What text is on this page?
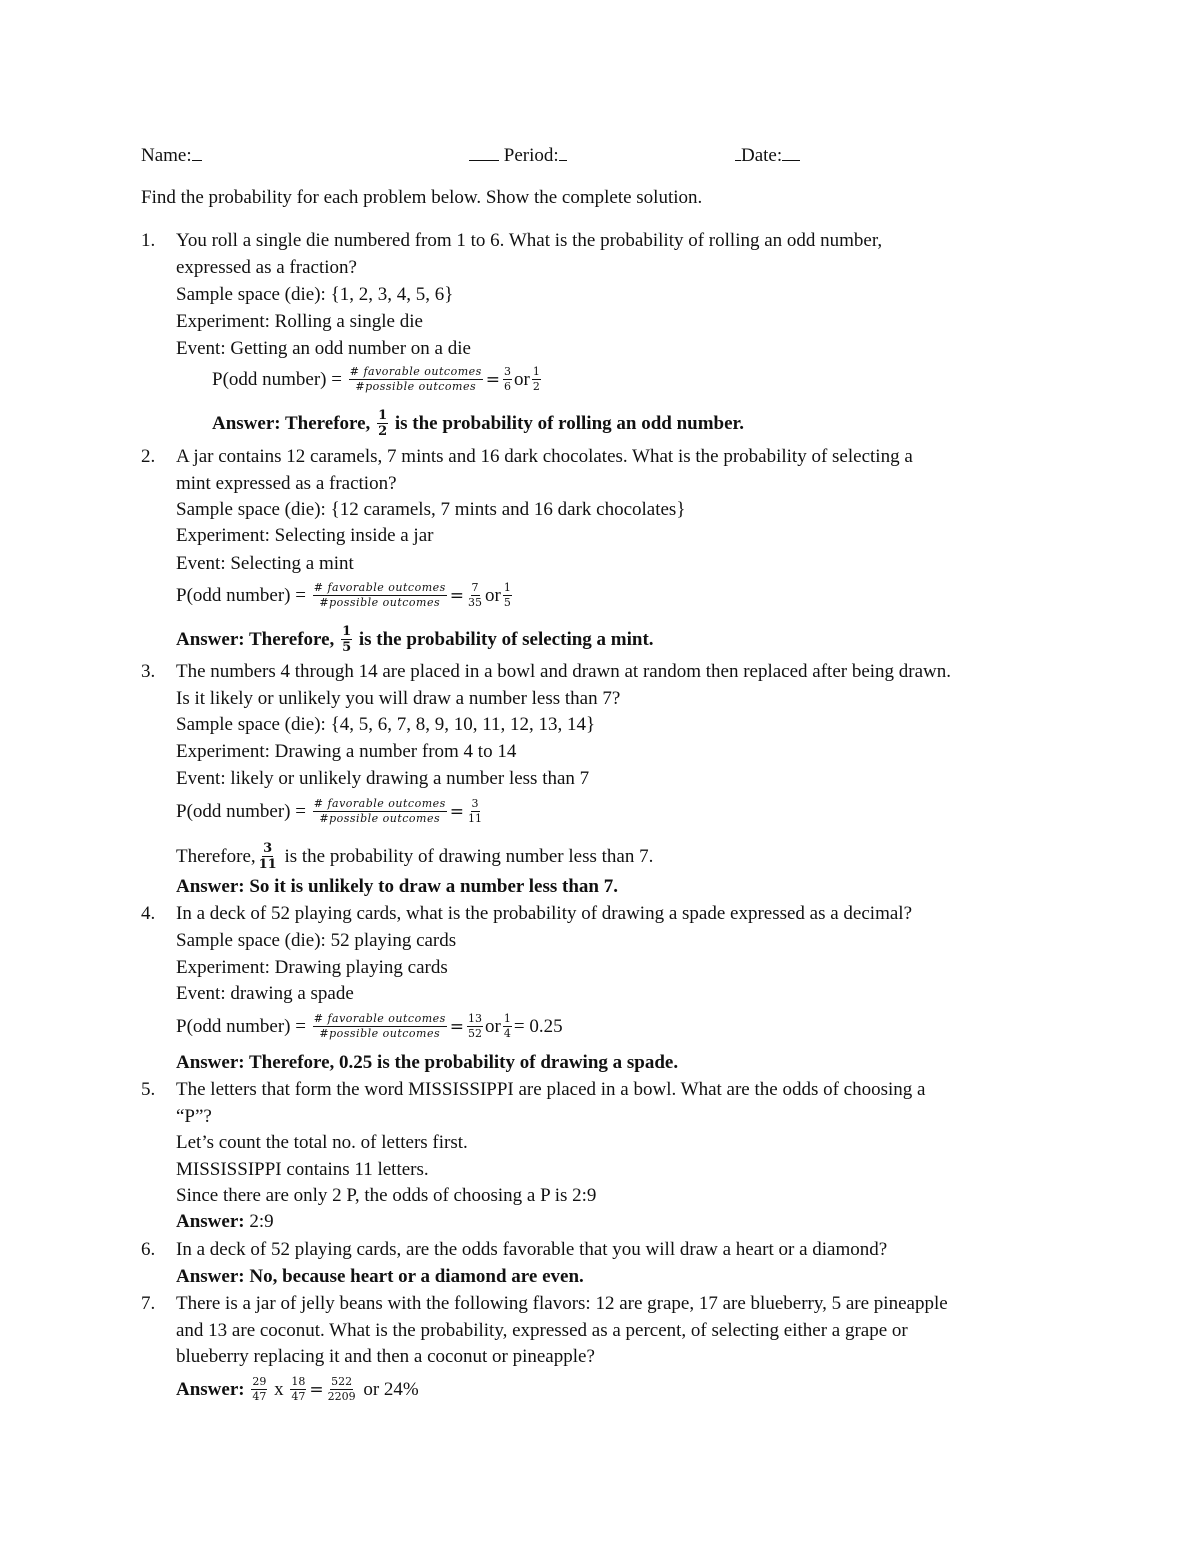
Name:	Period:	Date:
Find the probability for each problem below. Show the complete solution.
1. You roll a single die numbered from 1 to 6. What is the probability of rolling an odd number,
expressed as a fraction?
Sample space (die): {1, 2, 3, 4, 5, 6}
Experiment: Rolling a single die
Event: Getting an odd number on a die
P(odd number) = $\frac{\text{\# favorable outcomes}}{\text{\#possible outcomes}} = \frac{3}{6}$ or $\frac{1}{2}$
Answer: Therefore, $\frac{1}{2}$ is the probability of rolling an odd number.
2. A jar contains 12 caramels, 7 mints and 16 dark chocolates. What is the probability of selecting a
mint expressed as a fraction?
Sample space (die): {12 caramels, 7 mints and 16 dark chocolates}
Experiment: Selecting inside a jar
Event: Selecting a mint
P(odd number) = $\frac{\text{\# favorable outcomes}}{\text{\#possible outcomes}} = \frac{7}{35}$ or $\frac{1}{5}$
Answer: Therefore, $\frac{1}{5}$ is the probability of selecting a mint.
3. The numbers 4 through 14 are placed in a bowl and drawn at random then replaced after being drawn.
Is it likely or unlikely you will draw a number less than 7?
Sample space (die): {4, 5, 6, 7, 8, 9, 10, 11, 12, 13, 14}
Experiment: Drawing a number from 4 to 14
Event: likely or unlikely drawing a number less than 7
P(odd number) = $\frac{\text{\# favorable outcomes}}{\text{\#possible outcomes}} = \frac{3}{11}$
Therefore, $\frac{3}{11}$ is the probability of drawing number less than 7.
Answer: So it is unlikely to draw a number less than 7.
4. In a deck of 52 playing cards, what is the probability of drawing a spade expressed as a decimal?
Sample space (die): 52 playing cards
Experiment: Drawing playing cards
Event: drawing a spade
P(odd number) = $\frac{\text{\# favorable outcomes}}{\text{\#possible outcomes}} = \frac{13}{52}$ or $\frac{1}{4} = 0.25$
Answer: Therefore, 0.25 is the probability of drawing a spade.
5. The letters that form the word MISSISSIPPI are placed in a bowl. What are the odds of choosing a
“P”?
Let’s count the total no. of letters first.
MISSISSIPPI contains 11 letters.
Since there are only 2 P, the odds of choosing a P is 2:9
Answer: 2:9
6. In a deck of 52 playing cards, are the odds favorable that you will draw a heart or a diamond?
Answer: No, because heart or a diamond are even.
7. There is a jar of jelly beans with the following flavors: 12 are grape, 17 are blueberry, 5 are pineapple
and 13 are coconut. What is the probability, expressed as a percent, of selecting either a grape or
blueberry replacing it and then a coconut or pineapple?
Answer: $\frac{29}{47}$ x $\frac{18}{47} = \frac{522}{2209}$ or 24%
